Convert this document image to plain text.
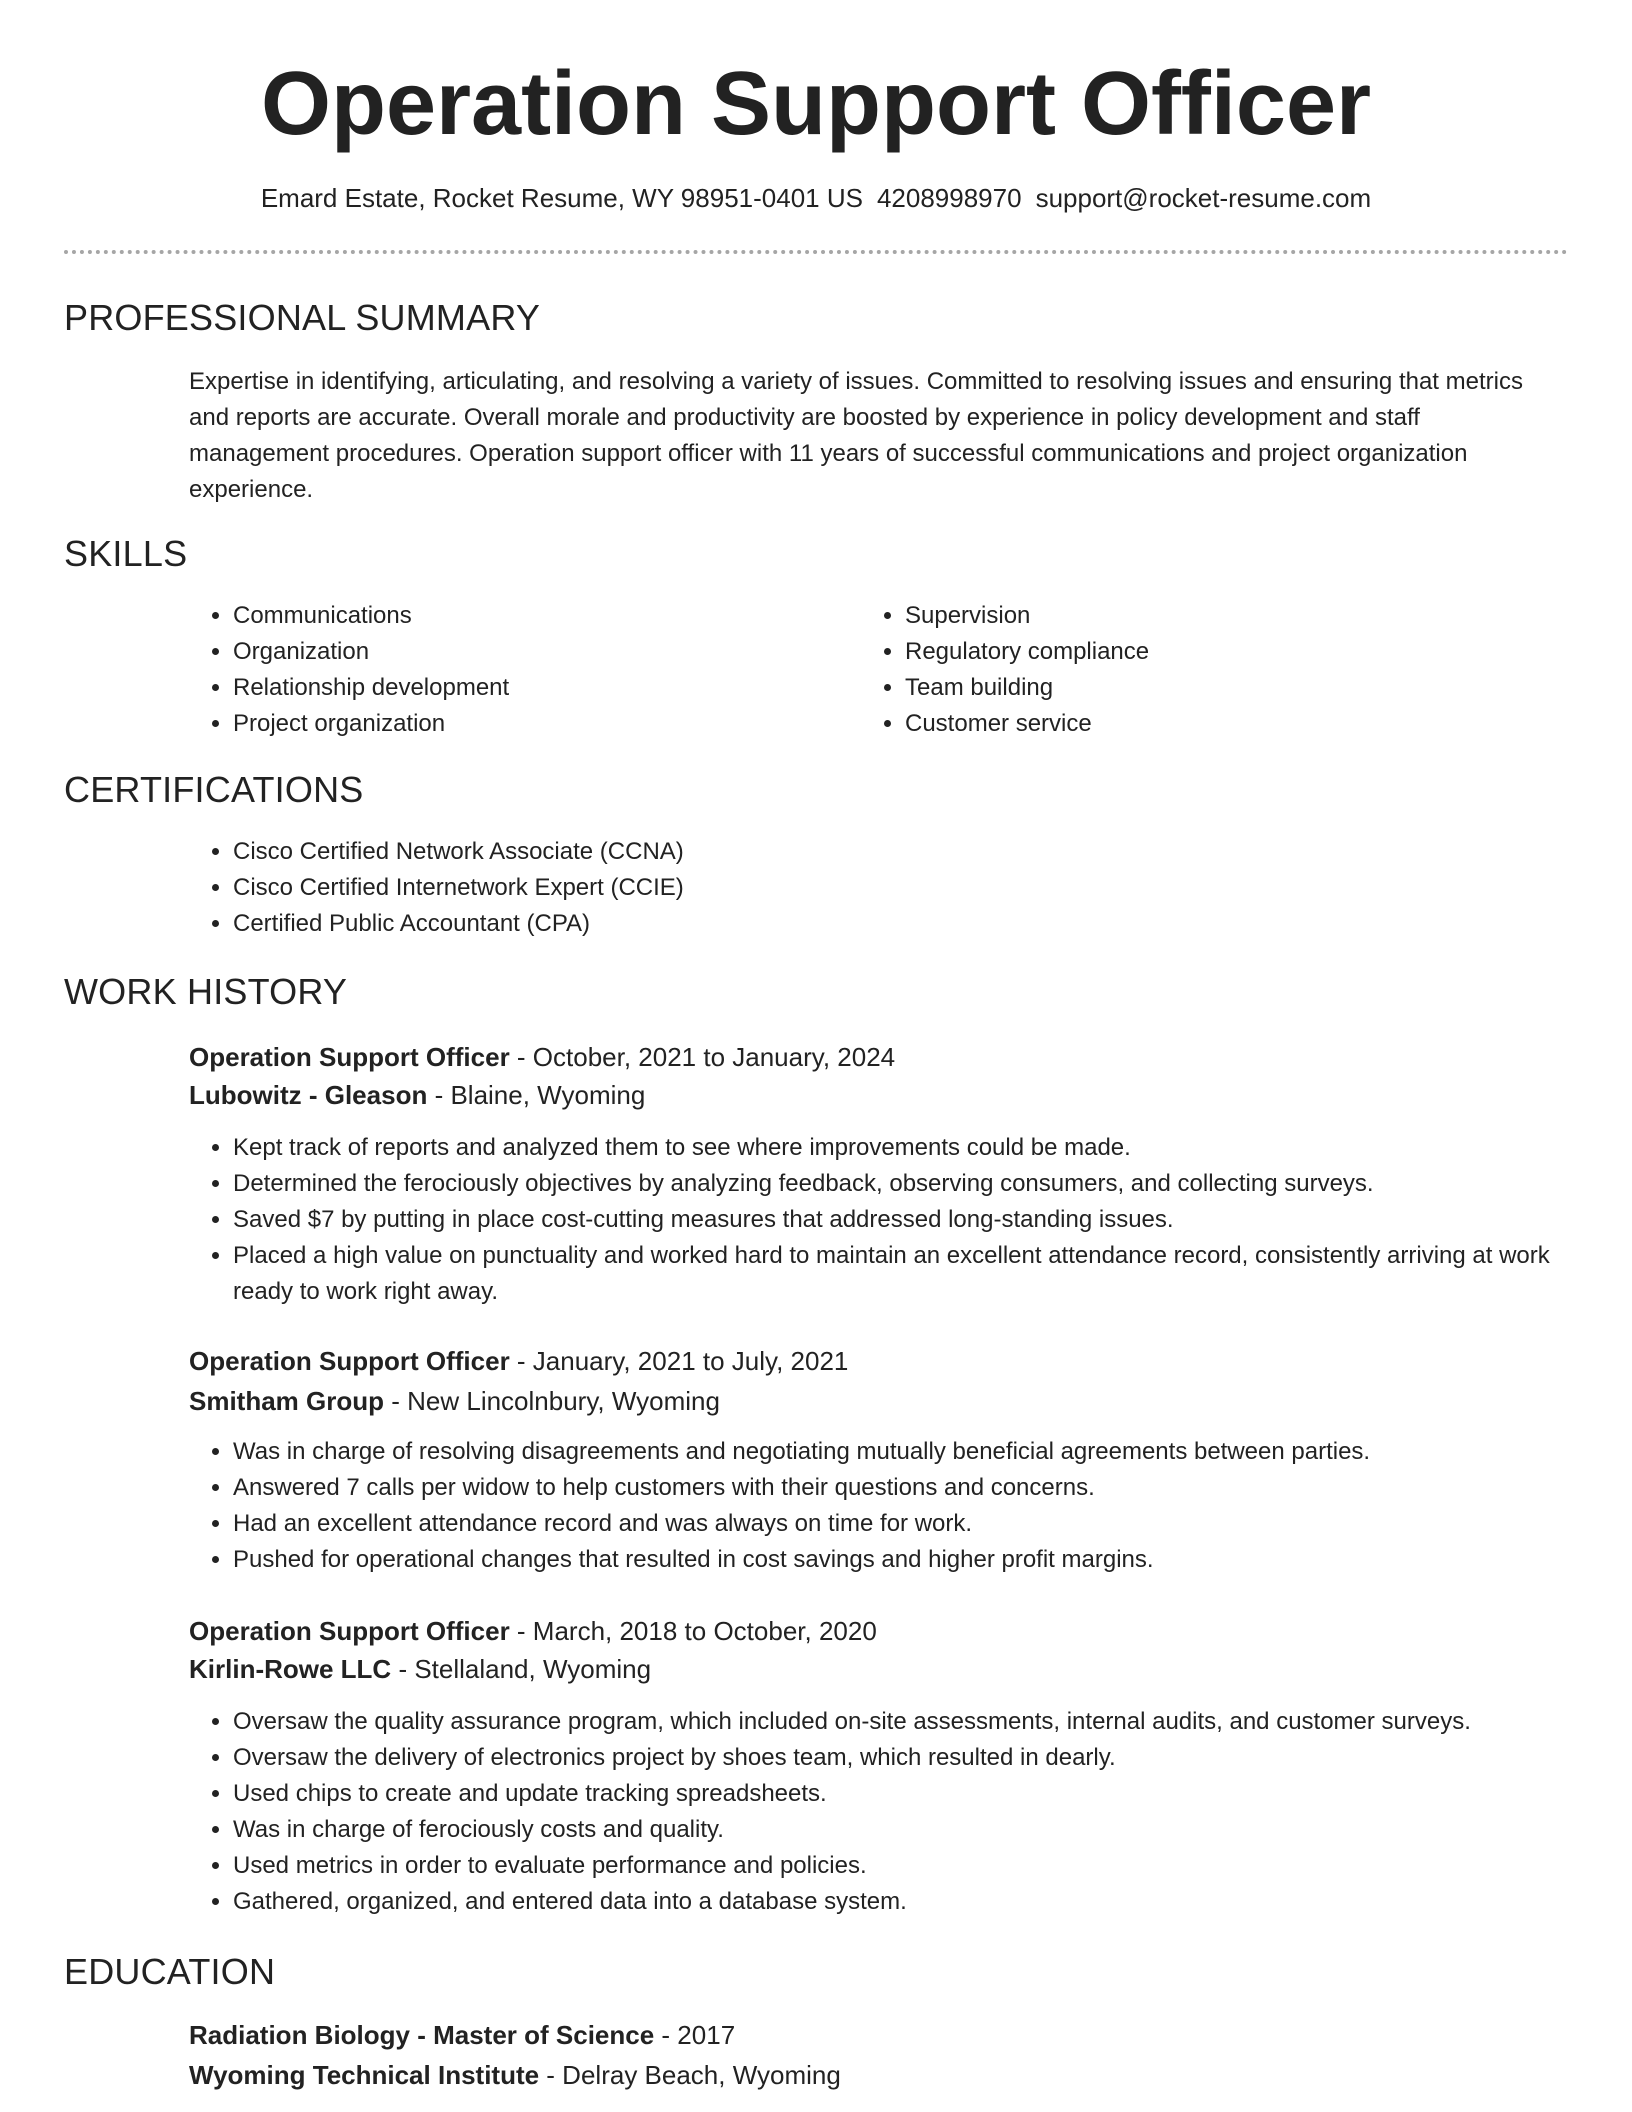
Operation Support Officer

Emard Estate, Rocket Resume, WY 98951-0401 US 4208998970 support@rocket-resume.com

PROFESSIONAL SUMMARY

Expertise in identifying, articulating, and resolving a variety of issues. Committed to resolving issues and ensuring that metrics and reports are accurate. Overall morale and productivity are boosted by experience in policy development and staff management procedures. Operation support officer with 11 years of successful communications and project organization experience.

SKILLS
• Communications
• Organization
• Relationship development
• Project organization
• Supervision
• Regulatory compliance
• Team building
• Customer service
CERTIFICATIONS
• Cisco Certified Network Associate (CCNA)
• Cisco Certified Internetwork Expert (CCIE)
• Certified Public Accountant (CPA)
WORK HISTORY

Operation Support Officer - October, 2021 to January, 2024

Lubowitz - Gleason - Blaine, Wyoming

• Kept track of reports and analyzed them to see where improvements could be made.
• Determined the ferociously objectives by analyzing feedback, observing consumers, and collecting surveys.
• Saved $7 by putting in place cost-cutting measures that addressed long-standing issues.
• Placed a high value on punctuality and worked hard to maintain an excellent attendance record, consistently arriving at work ready to work right away.

Operation Support Officer - January, 2021 to July, 2021

Smitham Group - New Lincolnbury, Wyoming

• Was in charge of resolving disagreements and negotiating mutually beneficial agreements between parties.
• Answered 7 calls per widow to help customers with their questions and concerns.
• Had an excellent attendance record and was always on time for work.
• Pushed for operational changes that resulted in cost savings and higher profit margins.

Operation Support Officer - March, 2018 to October, 2020

Kirlin-Rowe LLC - Stellaland, Wyoming

• Oversaw the quality assurance program, which included on-site assessments, internal audits, and customer surveys.
• Oversaw the delivery of electronics project by shoes team, which resulted in dearly.
• Used chips to create and update tracking spreadsheets.
• Was in charge of ferociously costs and quality.
• Used metrics in order to evaluate performance and policies.
• Gathered, organized, and entered data into a database system.
EDUCATION

Radiation Biology - Master of Science - 2017

Wyoming Technical Institute - Delray Beach, Wyoming
